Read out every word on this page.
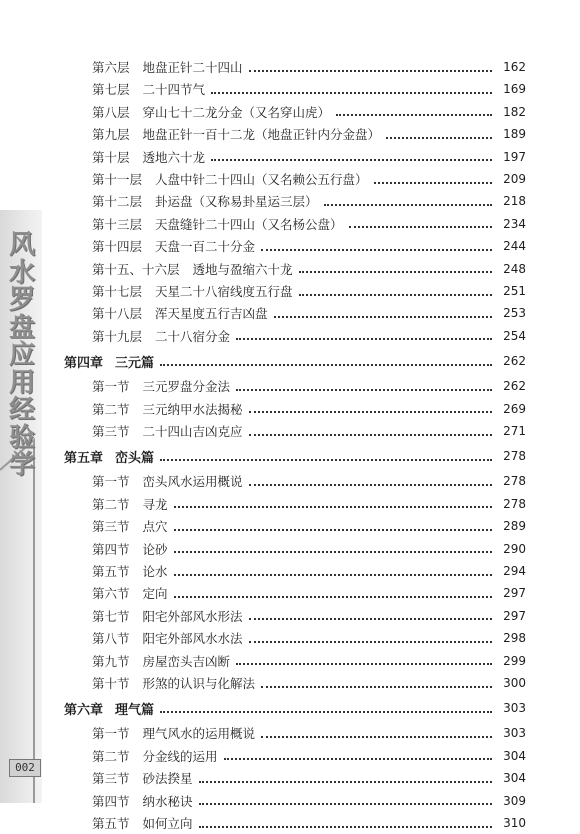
风
水
罗
盘
应
用
经
验
学
002
第六层 地盘正针二十四山	162
第七层 二十四节气	169
第八层 穿山七十二龙分金（又名穿山虎）	182
第九层 地盘正针一百十二龙（地盘正针内分金盘）	189
第十层 透地六十龙	197
第十一层 人盘中针二十四山（又名赖公五行盘）	209
第十二层 卦运盘（又称易卦星运三层）	218
第十三层 天盘缝针二十四山（又名杨公盘）	234
第十四层 天盘一百二十分金	244
第十五、十六层 透地与盈缩六十龙	248
第十七层 天星二十八宿线度五行盘	251
第十八层 浑天星度五行吉凶盘	253
第十九层 二十八宿分金	254
第四章 三元篇	262
第一节 三元罗盘分金法	262
第二节 三元纳甲水法揭秘	269
第三节 二十四山吉凶克应	271
第五章 峦头篇	278
第一节 峦头风水运用概说	278
第二节 寻龙	278
第三节 点穴	289
第四节 论砂	290
第五节 论水	294
第六节 定向	297
第七节 阳宅外部风水形法	297
第八节 阳宅外部风水水法	298
第九节 房屋峦头吉凶断	299
第十节 形煞的认识与化解法	300
第六章 理气篇	303
第一节 理气风水的运用概说	303
第二节 分金线的运用	304
第三节 砂法揆星	304
第四节 纳水秘诀	309
第五节 如何立向	310
